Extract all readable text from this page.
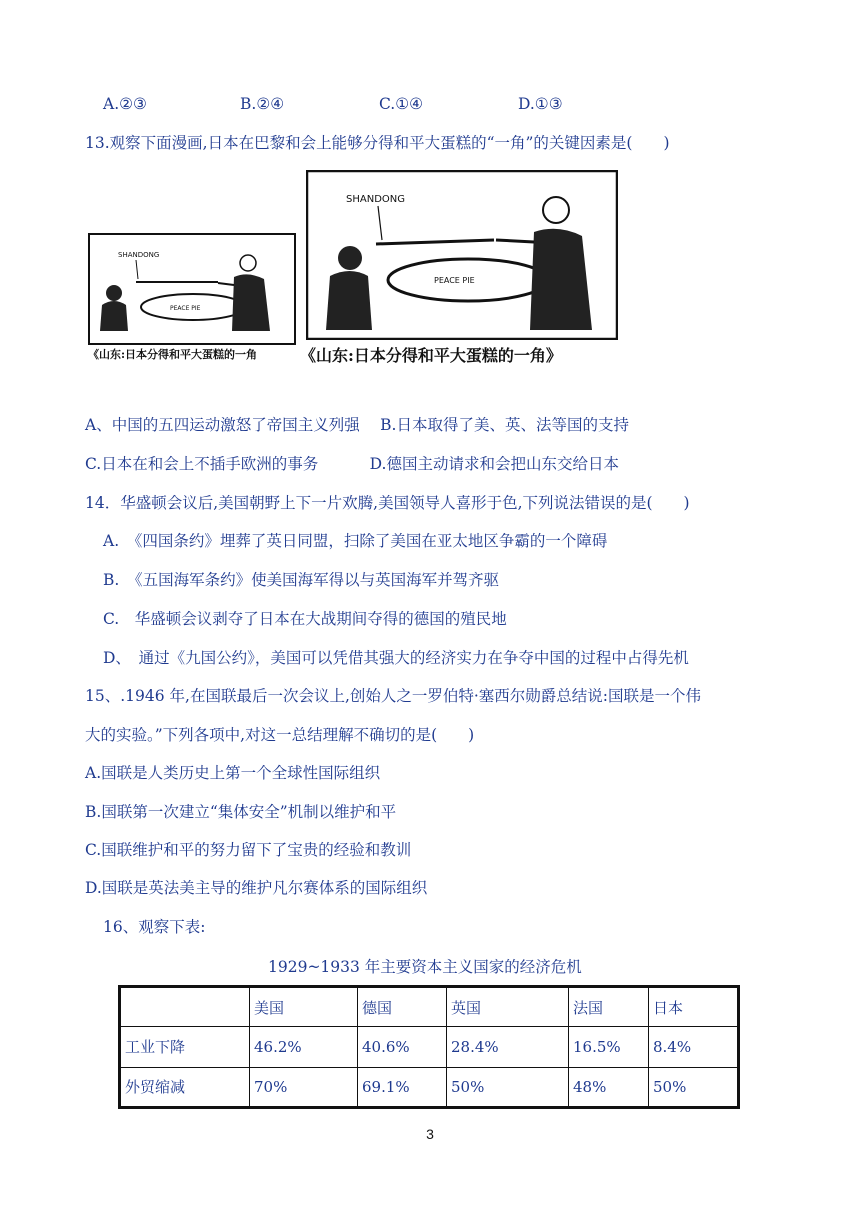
A.②③	B.②④	C.①④	D.①③
13.观察下面漫画,日本在巴黎和会上能够分得和平大蛋糕的“一角”的关键因素是(　　)
SHANDONG
PEACE PIE
《山东:日本分得和平大蛋糕的一角
SHANDONG
PEACE PIE
《山东:日本分得和平大蛋糕的一角》
A、中国的五四运动激怒了帝国主义列强　 B.日本取得了美、英、法等国的支持
C.日本在和会上不插手欧洲的事务　　　 D.德国主动请求和会把山东交给日本
14．华盛顿会议后,美国朝野上下一片欢腾,美国领导人喜形于色,下列说法错误的是(　　)
A.　《四国条约》埋葬了英日同盟，扫除了美国在亚太地区争霸的一个障碍
B.　《五国海军条约》使美国海军得以与英国海军并驾齐驱
C.　华盛顿会议剥夺了日本在大战期间夺得的德国的殖民地
D、　通过《九国公约》，美国可以凭借其强大的经济实力在争夺中国的过程中占得先机
15、.1946 年,在国联最后一次会议上,创始人之一罗伯特·塞西尔勋爵总结说:国联是一个伟
大的实验。”下列各项中,对这一总结理解不确切的是(　　)
A.国联是人类历史上第一个全球性国际组织
B.国联第一次建立“集体安全”机制以维护和平
C.国联维护和平的努力留下了宝贵的经验和教训
D.国联是英法美主导的维护凡尔赛体系的国际组织
16、观察下表:
1929~1933 年主要资本主义国家的经济危机
	美国	德国	英国	法国	日本
工业下降	46.2%	40.6%	28.4%	16.5%	8.4%
外贸缩减	70%	69.1%	50%	48%	50%
3
